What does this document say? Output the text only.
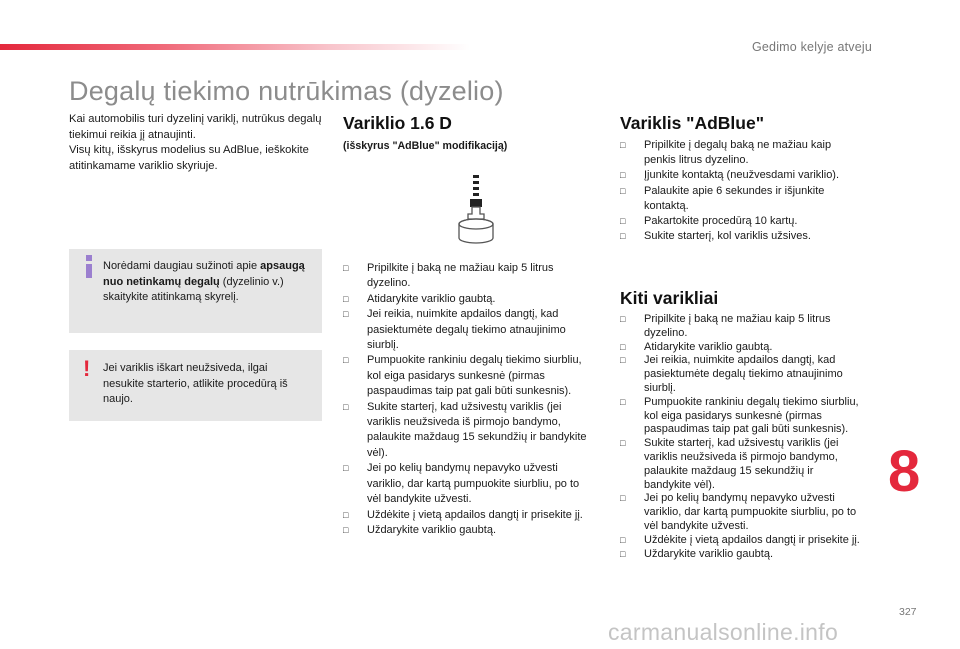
Gedimo kelyje atveju
Degalų tiekimo nutrūkimas (dyzelio)

Kai automobilis turi dyzelinį variklį, nutrūkus degalų tiekimui reikia jį atnaujinti.

Visų kitų, išskyrus modelius su AdBlue, ieškokite atitinkamame variklio skyriuje.

Norėdami daugiau sužinoti apie apsaugą nuo netinkamų degalų (dyzelinio v.) skaitykite atitinkamą skyrelį.
!	Jei variklis iškart neužsiveda, ilgai nesukite starterio, atlikite procedūrą iš naujo.
Variklio 1.6 D
(išskyrus "AdBlue" modifikaciją)
□ Pripilkite į baką ne mažiau kaip 5 litrus dyzelino.
□ Atidarykite variklio gaubtą.
□ Jei reikia, nuimkite apdailos dangtį, kad pasiektumėte degalų tiekimo atnaujinimo siurblį.
□ Pumpuokite rankiniu degalų tiekimo siurbliu, kol eiga pasidarys sunkesnė (pirmas paspaudimas taip pat gali būti sunkesnis).
□ Sukite starterį, kad užsivestų variklis (jei variklis neužsiveda iš pirmojo bandymo, palaukite maždaug 15 sekundžių ir bandykite vėl).
□ Jei po kelių bandymų nepavyko užvesti variklio, dar kartą pumpuokite siurbliu, po to vėl bandykite užvesti.
□ Uždėkite į vietą apdailos dangtį ir prisekite jį.
□ Uždarykite variklio gaubtą.
Variklis "AdBlue"
□ Pripilkite į degalų baką ne mažiau kaip penkis litrus dyzelino.
□ Įjunkite kontaktą (neužvesdami variklio).
□ Palaukite apie 6 sekundes ir išjunkite kontaktą.
□ Pakartokite procedūrą 10 kartų.
□ Sukite starterį, kol variklis užsives.
Kiti varikliai
□ Pripilkite į baką ne mažiau kaip 5 litrus dyzelino.
□ Atidarykite variklio gaubtą.
□ Jei reikia, nuimkite apdailos dangtį, kad pasiektumėte degalų tiekimo atnaujinimo siurblį.
□ Pumpuokite rankiniu degalų tiekimo siurbliu, kol eiga pasidarys sunkesnė (pirmas paspaudimas taip pat gali būti sunkesnis).
□ Sukite starterį, kad užsivestų variklis (jei variklis neužsiveda iš pirmojo bandymo, palaukite maždaug 15 sekundžių ir bandykite vėl).
□ Jei po kelių bandymų nepavyko užvesti variklio, dar kartą pumpuokite siurbliu, po to vėl bandykite užvesti.
□ Uždėkite į vietą apdailos dangtį ir prisekite jį.
□ Uždarykite variklio gaubtą.
8
327
carmanualsonline.info
